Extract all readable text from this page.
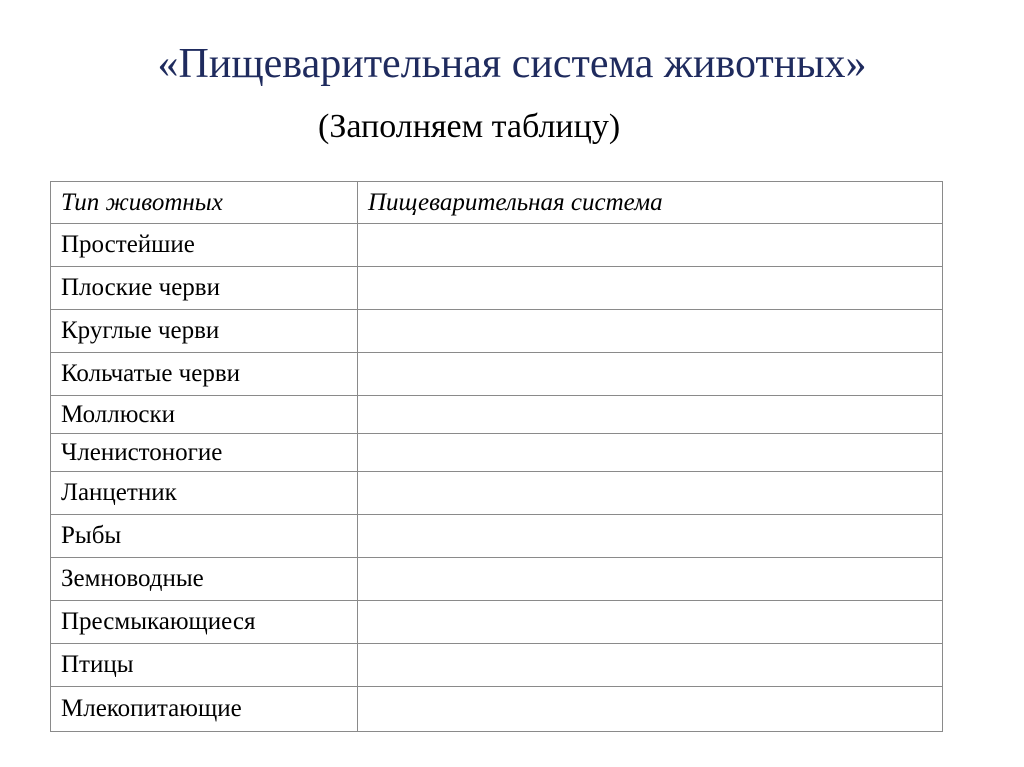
«Пищеварительная система животных»
(Заполняем таблицу)
Тип животных	Пищеварительная система
Простейшие	
Плоские черви	
Круглые черви	
Кольчатые черви	
Моллюски	
Членистоногие	
Ланцетник	
Рыбы	
Земноводные	
Пресмыкающиеся	
Птицы	
Млекопитающие	
